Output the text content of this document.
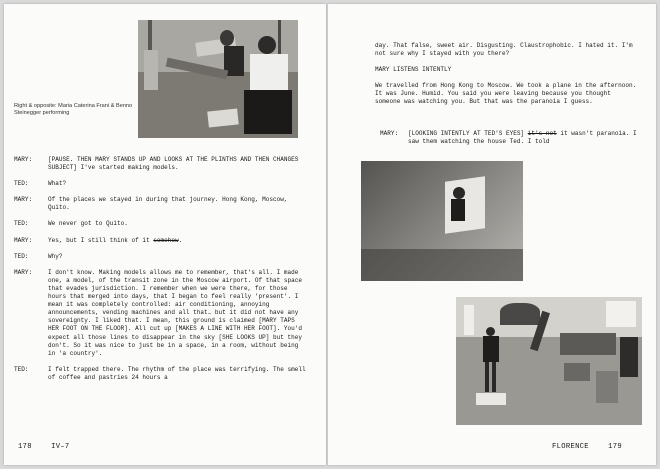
Right & opposite: Maria Caterina Frani & Benno Steinegger performing
MARY:	[PAUSE. THEN MARY STANDS UP AND LOOKS AT THE PLINTHS AND THEN CHANGES SUBJECT] I've started making models.
TED:	What?
MARY:	Of the places we stayed in during that journey. Hong Kong, Moscow, Quito.
TED:	We never got to Quito.
MARY:	Yes, but I still think of it somehow.
TED:	Why?
MARY:	I don't know. Making models allows me to remember, that's all. I made one, a model, of the transit zone in the Moscow airport. Of that space that evades jurisdiction. I remember when we were there, for those hours that merged into days, that I began to feel really 'present'. I mean it was completely controlled: air conditioning, annoying announcements, vending machines and all that… but it did not have any sovereignty. I liked that. I mean, this ground is claimed [MARY TAPS HER FOOT ON THE FLOOR]. All cut up [MAKES A LINE WITH HER FOOT]. You'd expect all those lines to disappear in the sky [SHE LOOKS UP] but they don't. So it was nice to just be in a space, in a room, without being in 'a country'.
TED:	I felt trapped there. The rhythm of the place was terrifying. The smell of coffee and pastries 24 hours a
178	IV–7
day. That false, sweet air. Disgusting. Claustrophobic. I hated it. I'm not sure why I stayed with you there?
MARY LISTENS INTENTLY
We travelled from Hong Kong to Moscow. We took a plane in the afternoon. It was June. Humid. You said you were leaving because you thought someone was watching you. But that was the paranoia I guess.
MARY:	[LOOKING INTENTLY AT TED'S EYES] it's not it wasn't paranoia. I saw them watching the house Ted. I told
FLORENCE	179
